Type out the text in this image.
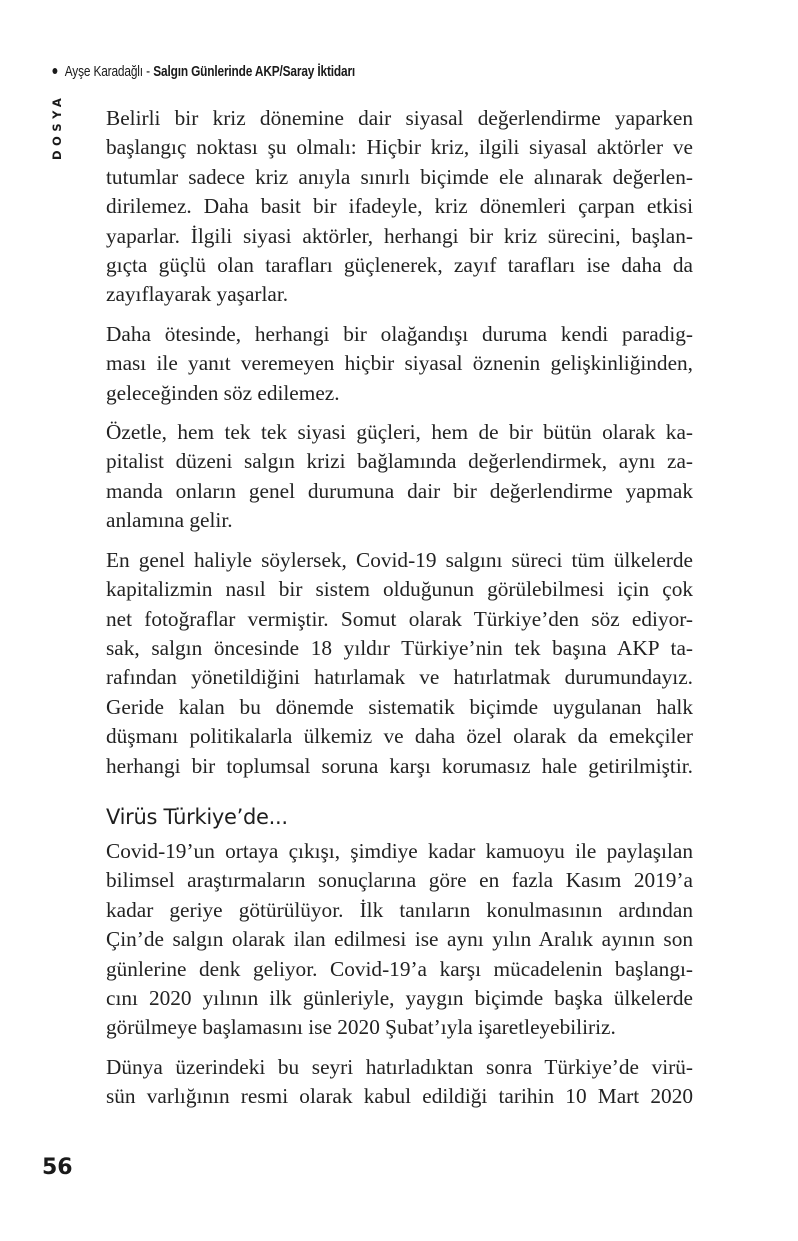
Ayşe Karadağlı - Salgın Günlerinde AKP/Saray İktidarı
DOSYA Belirli bir kriz dönemine dair siyasal değerlendirme yaparken
başlangıç noktası şu olmalı: Hiçbir kriz, ilgili siyasal aktörler ve
tutumlar sadece kriz anıyla sınırlı biçimde ele alınarak değerlen-
dirilemez. Daha basit bir ifadeyle, kriz dönemleri çarpan etkisi
yaparlar. İlgili siyasi aktörler, herhangi bir kriz sürecini, başlan-
gıçta güçlü olan tarafları güçlenerek, zayıf tarafları ise daha da
zayıflayarak yaşarlar.

Daha ötesinde, herhangi bir olağandışı duruma kendi paradig-
ması ile yanıt veremeyen hiçbir siyasal öznenin gelişkinliğinden,
geleceğinden söz edilemez.

Özetle, hem tek tek siyasi güçleri, hem de bir bütün olarak ka-
pitalist düzeni salgın krizi bağlamında değerlendirmek, aynı za-
manda onların genel durumuna dair bir değerlendirme yapmak
anlamına gelir.

En genel haliyle söylersek, Covid-19 salgını süreci tüm ülkelerde
kapitalizmin nasıl bir sistem olduğunun görülebilmesi için çok
net fotoğraflar vermiştir. Somut olarak Türkiye’den söz ediyor-
sak, salgın öncesinde 18 yıldır Türkiye’nin tek başına AKP ta-
rafından yönetildiğini hatırlamak ve hatırlatmak durumundayız.
Geride kalan bu dönemde sistematik biçimde uygulanan halk
düşmanı politikalarla ülkemiz ve daha özel olarak da emekçiler
herhangi bir toplumsal soruna karşı korumasız hale getirilmiştir.

Virüs Türkiye’de...

Covid-19’un ortaya çıkışı, şimdiye kadar kamuoyu ile paylaşılan
bilimsel araştırmaların sonuçlarına göre en fazla Kasım 2019’a
kadar geriye götürülüyor. İlk tanıların konulmasının ardından
Çin’de salgın olarak ilan edilmesi ise aynı yılın Aralık ayının son
günlerine denk geliyor. Covid-19’a karşı mücadelenin başlangı-
cını 2020 yılının ilk günleriyle, yaygın biçimde başka ülkelerde
görülmeye başlamasını ise 2020 Şubat’ıyla işaretleyebiliriz.

Dünya üzerindeki bu seyri hatırladıktan sonra Türkiye’de virü-
sün varlığının resmi olarak kabul edildiği tarihin 10 Mart 2020

56
